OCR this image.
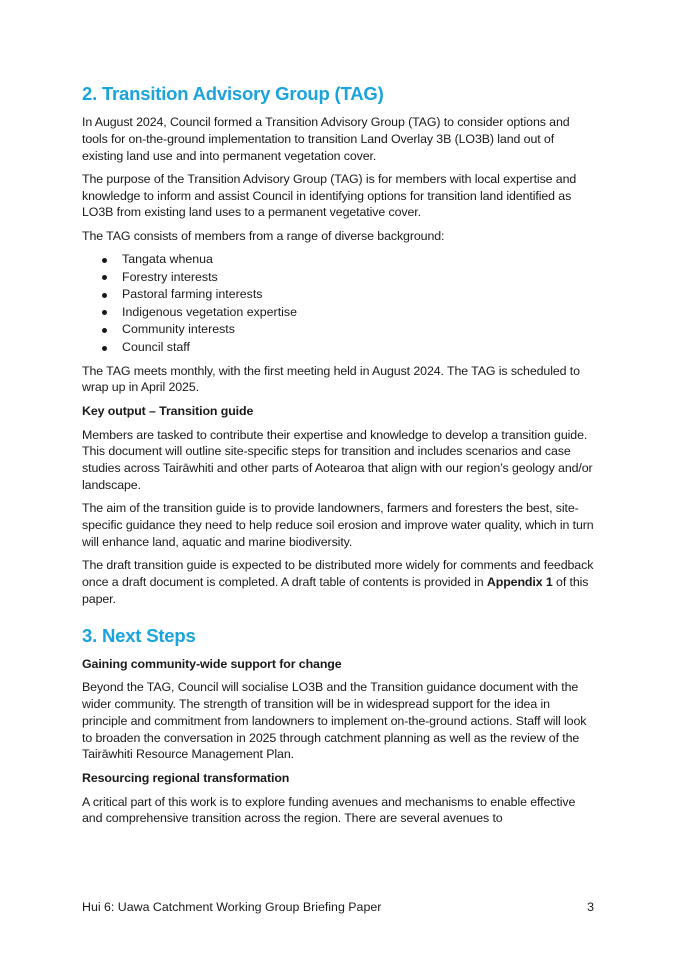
2. Transition Advisory Group (TAG)

In August 2024, Council formed a Transition Advisory Group (TAG) to consider options and tools for on-the-ground implementation to transition Land Overlay 3B (LO3B) land out of existing land use and into permanent vegetation cover.

The purpose of the Transition Advisory Group (TAG) is for members with local expertise and knowledge to inform and assist Council in identifying options for transition land identified as LO3B from existing land uses to a permanent vegetative cover.

The TAG consists of members from a range of diverse background:

Tangata whenua
Forestry interests
Pastoral farming interests
Indigenous vegetation expertise
Community interests
Council staff

The TAG meets monthly, with the first meeting held in August 2024. The TAG is scheduled to wrap up in April 2025.

Key output – Transition guide

Members are tasked to contribute their expertise and knowledge to develop a transition guide. This document will outline site-specific steps for transition and includes scenarios and case studies across Tairāwhiti and other parts of Aotearoa that align with our region’s geology and/or landscape.

The aim of the transition guide is to provide landowners, farmers and foresters the best, site-specific guidance they need to help reduce soil erosion and improve water quality, which in turn will enhance land, aquatic and marine biodiversity.

The draft transition guide is expected to be distributed more widely for comments and feedback once a draft document is completed. A draft table of contents is provided in Appendix 1 of this paper.

3. Next Steps

Gaining community-wide support for change

Beyond the TAG, Council will socialise LO3B and the Transition guidance document with the wider community. The strength of transition will be in widespread support for the idea in principle and commitment from landowners to implement on-the-ground actions. Staff will look to broaden the conversation in 2025 through catchment planning as well as the review of the Tairāwhiti Resource Management Plan.

Resourcing regional transformation

A critical part of this work is to explore funding avenues and mechanisms to enable effective and comprehensive transition across the region. There are several avenues to

Hui 6: Uawa Catchment Working Group Briefing Paper	3
